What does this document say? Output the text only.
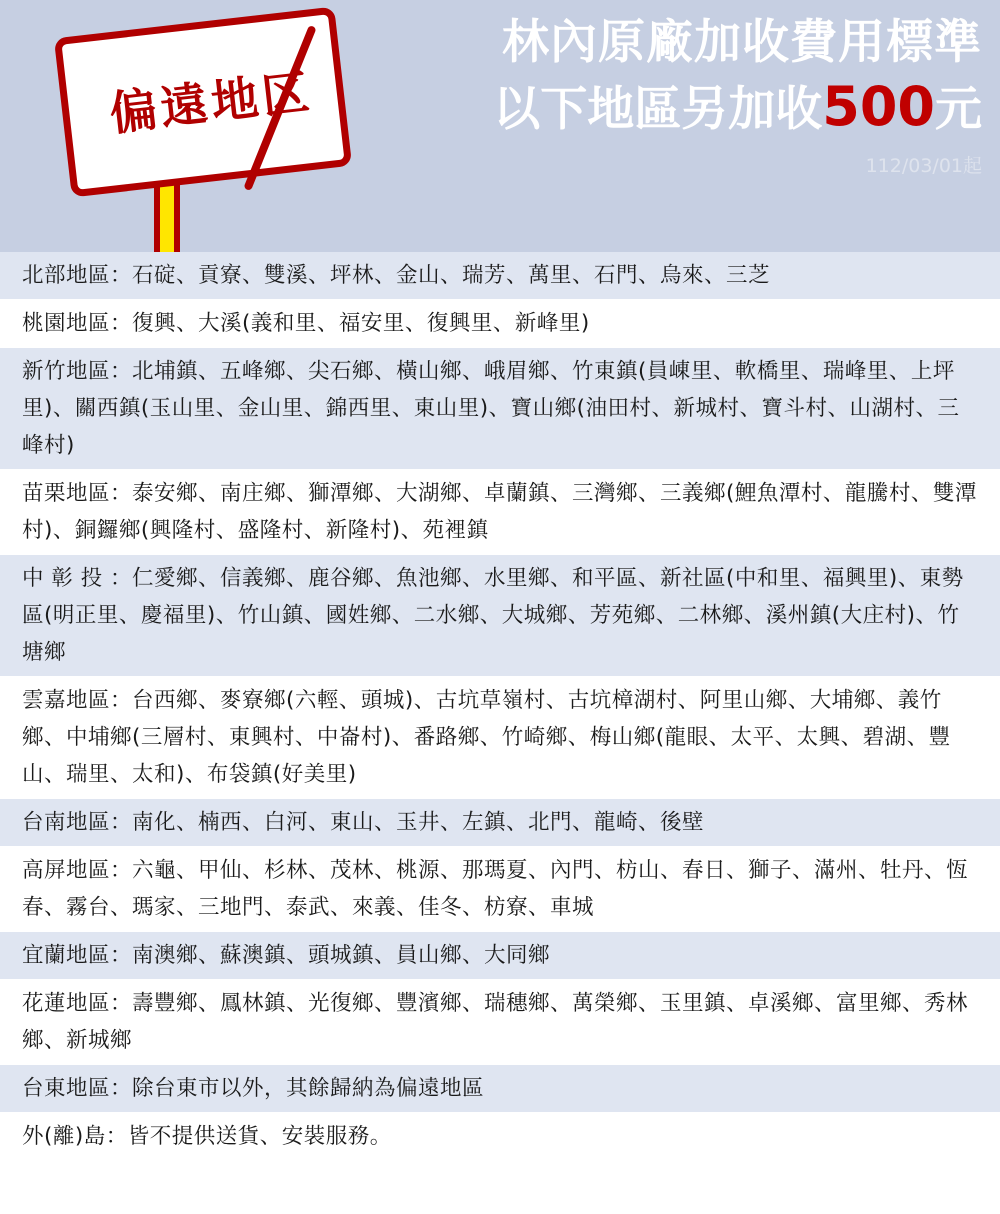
偏遠地区
林內原廠加收費用標準
以下地區另加收500元
112/03/01起
北部地區：石碇、貢寮、雙溪、坪林、金山、瑞芳、萬里、石門、烏來、三芝
桃園地區：復興、大溪(義和里、福安里、復興里、新峰里)
新竹地區：北埔鎮、五峰鄉、尖石鄉、橫山鄉、峨眉鄉、竹東鎮(員崠里、軟橋里、瑞峰里、上坪里)、關西鎮(玉山里、金山里、錦西里、東山里)、寶山鄉(油田村、新城村、寶斗村、山湖村、三峰村)
苗栗地區：泰安鄉、南庄鄉、獅潭鄉、大湖鄉、卓蘭鎮、三灣鄉、三義鄉(鯉魚潭村、龍騰村、雙潭村)、銅鑼鄉(興隆村、盛隆村、新隆村)、苑裡鎮
中 彰 投 ：仁愛鄉、信義鄉、鹿谷鄉、魚池鄉、水里鄉、和平區、新社區(中和里、福興里)、東勢區(明正里、慶福里)、竹山鎮、國姓鄉、二水鄉、大城鄉、芳苑鄉、二林鄉、溪州鎮(大庄村)、竹塘鄉
雲嘉地區：台西鄉、麥寮鄉(六輕、頭城)、古坑草嶺村、古坑樟湖村、阿里山鄉、大埔鄉、義竹鄉、中埔鄉(三層村、東興村、中崙村)、番路鄉、竹崎鄉、梅山鄉(龍眼、太平、太興、碧湖、豐山、瑞里、太和)、布袋鎮(好美里)
台南地區：南化、楠西、白河、東山、玉井、左鎮、北門、龍崎、後壁
高屏地區：六龜、甲仙、杉林、茂林、桃源、那瑪夏、內門、枋山、春日、獅子、滿州、牡丹、恆春、霧台、瑪家、三地門、泰武、來義、佳冬、枋寮、車城
宜蘭地區：南澳鄉、蘇澳鎮、頭城鎮、員山鄉、大同鄉
花蓮地區：壽豐鄉、鳳林鎮、光復鄉、豐濱鄉、瑞穗鄉、萬榮鄉、玉里鎮、卓溪鄉、富里鄉、秀林鄉、新城鄉
台東地區：除台東市以外，其餘歸納為偏遠地區
外(離)島：皆不提供送貨、安裝服務。
